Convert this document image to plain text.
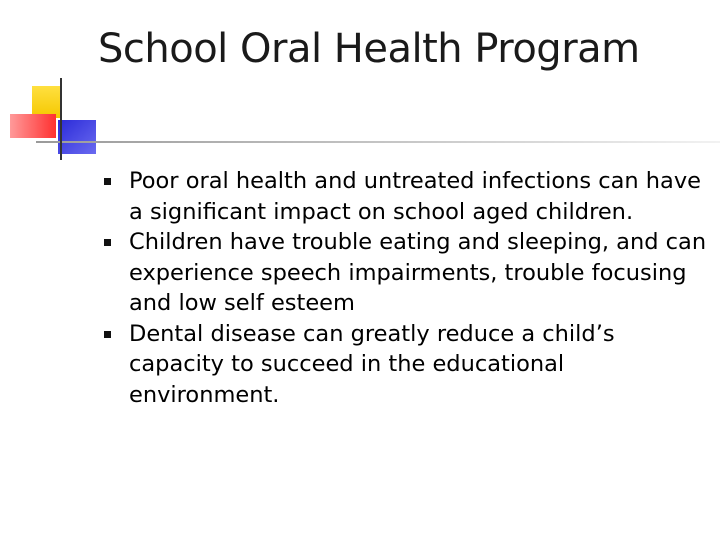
School Oral Health Program
Poor oral health and untreated infections can have a significant impact on school aged children.
Children have trouble eating and sleeping, and can experience speech impairments, trouble focusing and low self esteem
Dental disease can greatly reduce a child’s capacity to succeed in the educational environment.
